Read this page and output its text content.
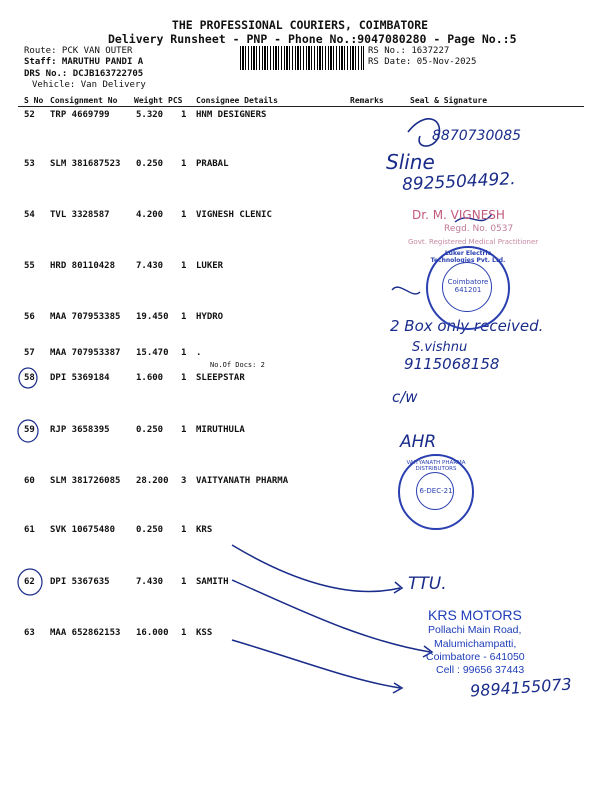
THE PROFESSIONAL COURIERS, COIMBATORE
Delivery Runsheet - PNP - Phone No.:9047080280 - Page No.:5
Route: PCK VAN OUTER
Staff: MARUTHU PANDI A
DRS No.: DCJB163722705
Vehicle: Van Delivery
RS No.: 1637227
RS Date: 05-Nov-2025
S No Consignment No Weight PCS Consignee Details	Remarks	Seal & Signature
52 TRP 4669799	5.320 1 HNM DESIGNERS
53 SLM 381687523 0.250 1 PRABAL
54 TVL 3328587	4.200 1 VIGNESH CLENIC
55 HRD 80110428 7.430 1 LUKER
56 MAA 707953385 19.450 1 HYDRO
57 MAA 707953387 15.470 1 .
No.Of Docs: 2
58 DPI 5369184	1.600 1 SLEEPSTAR
59 RJP 3658395	0.250 1 MIRUTHULA
60 SLM 381726085 28.200 3 VAITYANATH PHARMA
61 SVK 10675480 0.250 1 KRS
62 DPI 5367635	7.430 1 SAMITH
63 MAA 652862153 16.000 1 KSS
8870730085
Sline
8925504492.
2 Box only received.
S.vishnu
9115068158
c/w
AHR
TTU.
9894155073
Dr. M. VIGNESH
Regd. No. 0537
Govt. Registered Medical Practitioner
Luker Electric Technologies Pvt. Ltd.
Coimbatore 641201
VAITYANATH PHARMA DISTRIBUTORS
6-DEC-21
KRS MOTORS
Pollachi Main Road,
Malumichampatti,
Coimbatore - 641050
Cell : 99656 37443
